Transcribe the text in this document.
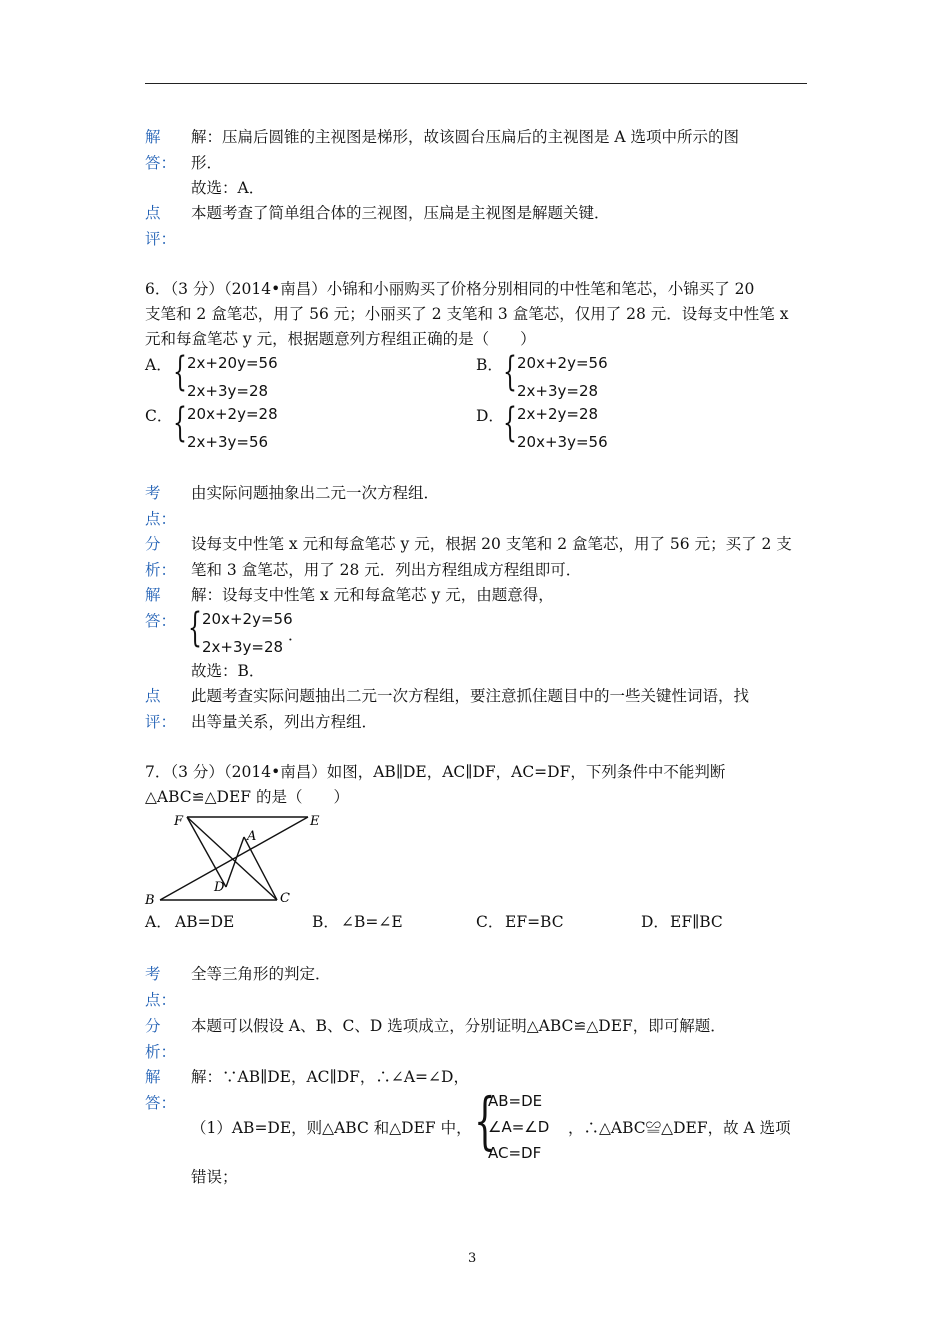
解
答：
解：压扁后圆锥的主视图是梯形，故该圆台压扁后的主视图是 A 选项中所示的图
形．
故选：A．
点
评：
本题考查了简单组合体的三视图，压扁是主视图是解题关键．
6．（3 分）（2014•南昌）小锦和小丽购买了价格分别相同的中性笔和笔芯，小锦买了 20
支笔和 2 盒笔芯，用了 56 元；小丽买了 2 支笔和 3 盒笔芯，仅用了 28 元．设每支中性笔 x
元和每盒笔芯 y 元，根据题意列方程组正确的是（　　）
A． { 2x+20y=56
2x+3y=28
B． { 20x+2y=56
2x+3y=28
C． { 20x+2y=28
2x+3y=56
D． { 2x+2y=28
20x+3y=56
考
点：
由实际问题抽象出二元一次方程组．
分
析：
设每支中性笔 x 元和每盒笔芯 y 元，根据 20 支笔和 2 盒笔芯，用了 56 元；买了 2 支
笔和 3 盒笔芯，用了 28 元．列出方程组成方程组即可．
解
答：
解：设每支中性笔 x 元和每盒笔芯 y 元，由题意得，
{ 20x+2y=56
2x+3y=28
．
故选：B．
点
评：
此题考查实际问题抽出二元一次方程组，要注意抓住题目中的一些关键性词语，找
出等量关系，列出方程组．
7．（3 分）（2014•南昌）如图，AB∥DE，AC∥DF，AC=DF，下列条件中不能判断
△ABC≌△DEF 的是（　　）
F	E
A
B
D
C
A． AB=DE	B． ∠B=∠E	C． EF=BC	D． EF∥BC
考
点：
全等三角形的判定．
分
析：
本题可以假设 A、B、C、D 选项成立，分别证明△ABC≌△DEF，即可解题．
解
答：
解：∵AB∥DE，AC∥DF，∴∠A=∠D，
（1）AB=DE，则△ABC 和△DEF 中， {
AB=DE
∠A=∠D
AC=DF
，∴△ABC≌△DEF，故 A 选项
错误；
3
